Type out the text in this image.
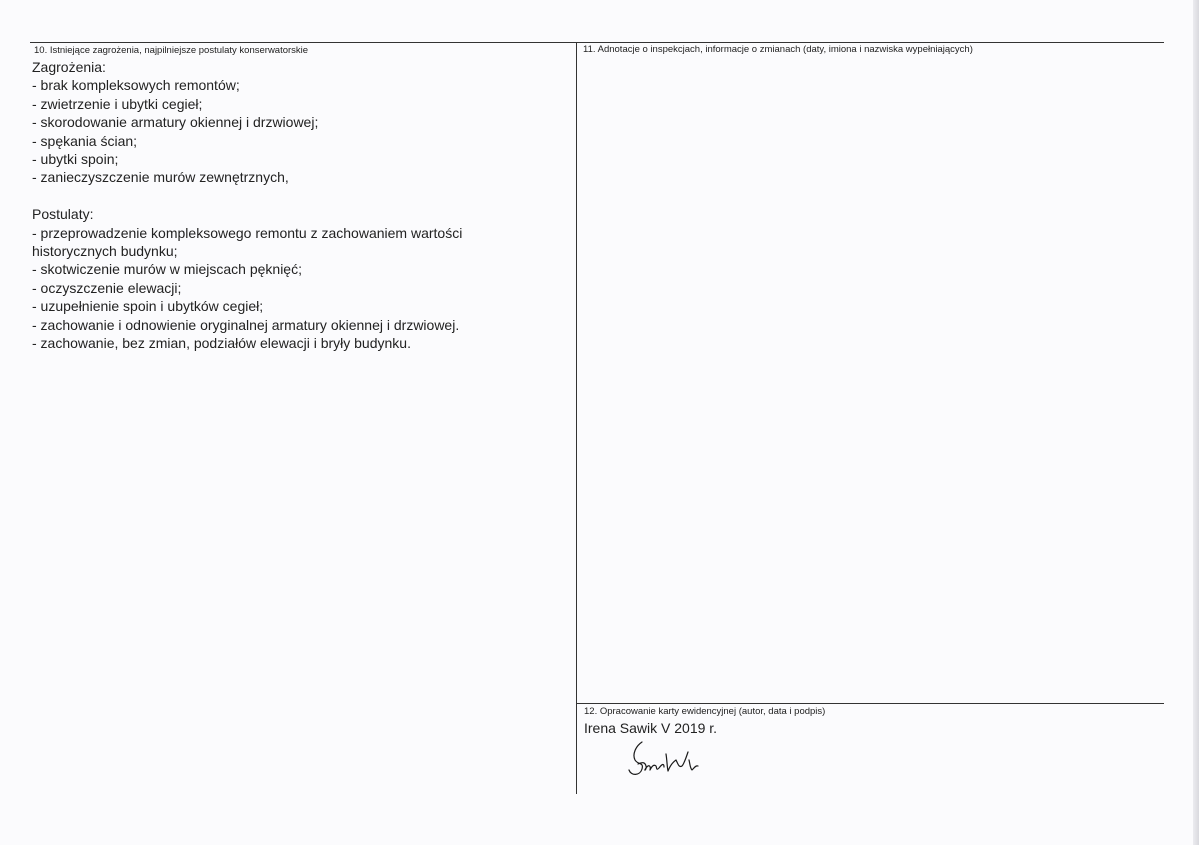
10. Istniejące zagrożenia, najpilniejsze postulaty konserwatorskie
Zagrożenia:
- brak kompleksowych remontów;
- zwietrzenie i ubytki cegieł;
- skorodowanie armatury okiennej i drzwiowej;
- spękania ścian;
- ubytki spoin;
- zanieczyszczenie murów zewnętrznych,
Postulaty:
- przeprowadzenie kompleksowego remontu z zachowaniem wartości
historycznych budynku;
- skotwiczenie murów w miejscach pęknięć;
- oczyszczenie elewacji;
- uzupełnienie spoin i ubytków cegieł;
- zachowanie i odnowienie oryginalnej armatury okiennej i drzwiowej.
- zachowanie, bez zmian, podziałów elewacji i bryły budynku.
11. Adnotacje o inspekcjach, informacje o zmianach (daty, imiona i nazwiska wypełniających)
12. Opracowanie karty ewidencyjnej (autor, data i podpis)
Irena Sawik V 2019 r.
